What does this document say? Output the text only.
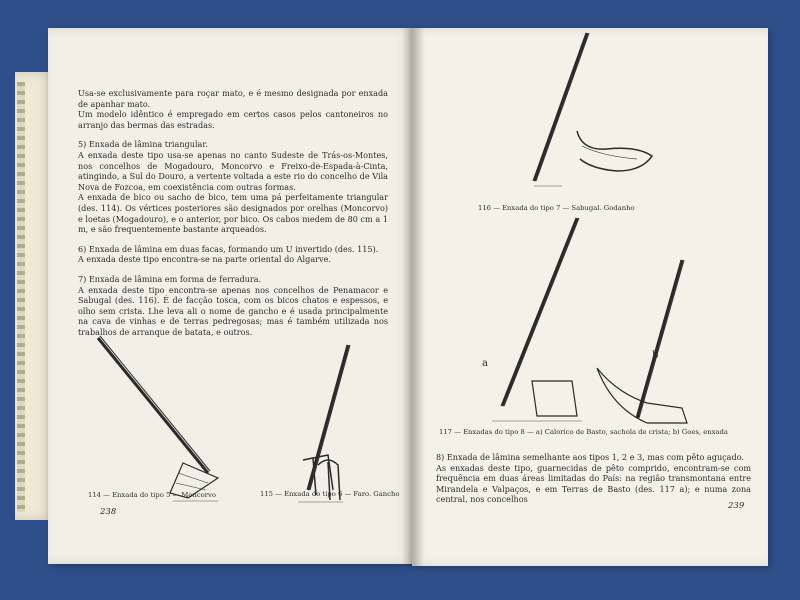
Usa-se exclusivamente para roçar mato, e é mesmo designada por enxada de apanhar mato.

Um modelo idêntico é empregado em certos casos pelos cantoneiros no arranjo das bermas das estradas.

5) Enxada de lâmina triangular.

A enxada deste tipo usa-se apenas no canto Sudeste de Trás-os-Montes, nos concelhos de Mogadouro, Moncorvo e Freixo-de-Espada-à-Cinta, atingindo, a Sul do Douro, a vertente voltada a este rio do concelho de Vila Nova de Fozcoa, em coexistência com outras formas.

A enxada de bico ou sacho de bico, tem uma pá perfeitamente triangular (des. 114). Os vértices posteriores são designados por orelhas (Moncorvo) e loetas (Mogadouro), e o anterior, por bico. Os cabos medem de 80 cm a 1 m, e são frequentemente bastante arqueados.

6) Enxada de lâmina em duas facas, formando um U invertido (des. 115).

A enxada deste tipo encontra-se na parte oriental do Algarve.

7) Enxada de lâmina em forma de ferradura.

A enxada deste tipo encontra-se apenas nos concelhos de Penamacor e Sabugal (des. 116). É de facção tosca, com os bicos chatos e espessos, e olho sem crista. Lhe leva ali o nome de gancho e é usada principalmente na cava de vinhas e de terras pedregosas; mas é também utilizada nos trabalhos de arranque de batata, e outros.

114 — Enxada do tipo 5 — Moncorvo	115 — Enxada do tipo 6 — Faro. Gancho
238
116 — Enxada do tipo 7 — Sabugal. Godanho
a
b
117 — Enxadas do tipo 8 — a) Calorico de Basto, sachola de crista; b) Goes, enxada

8) Enxada de lâmina semelhante aos tipos 1, 2 e 3, mas com pêto aguçado.

As enxadas deste tipo, guarnecidas de pêto comprido, encontram-se com frequência em duas áreas limitadas do País: na região transmontana entre Mirandela e Valpaços, e em Terras de Basto (des. 117 a); e numa zona central, nos concelhos

239
